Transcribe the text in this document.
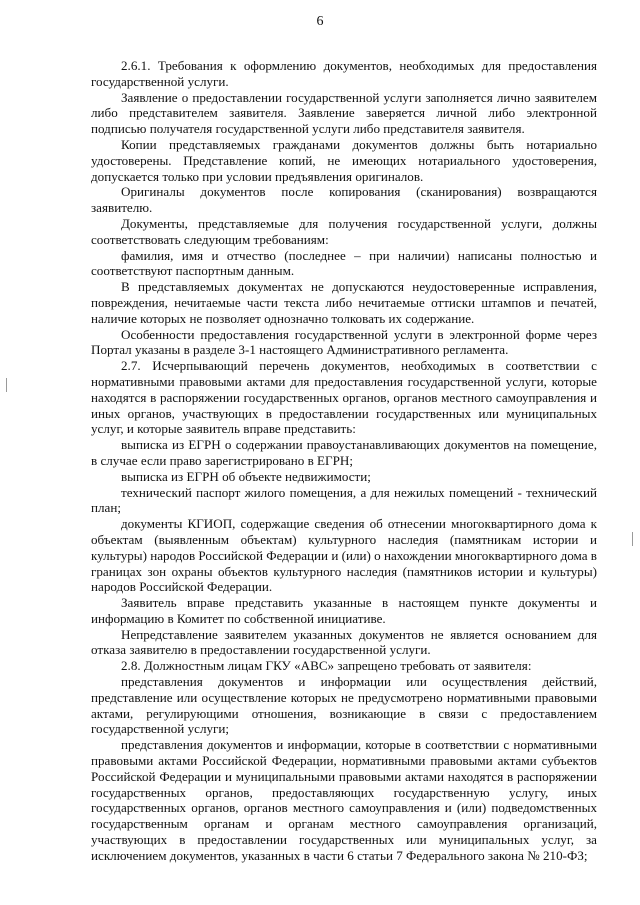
6

2.6.1. Требования к оформлению документов, необходимых для предоставления государственной услуги.

Заявление о предоставлении государственной услуги заполняется лично заявителем либо представителем заявителя. Заявление заверяется личной либо электронной подписью получателя государственной услуги либо представителя заявителя.

Копии представляемых гражданами документов должны быть нотариально удостоверены. Представление копий, не имеющих нотариального удостоверения, допускается только при условии предъявления оригиналов.

Оригиналы документов после копирования (сканирования) возвращаются заявителю.

Документы, представляемые для получения государственной услуги, должны соответствовать следующим требованиям:

фамилия, имя и отчество (последнее – при наличии) написаны полностью и соответствуют паспортным данным.

В представляемых документах не допускаются неудостоверенные исправления, повреждения, нечитаемые части текста либо нечитаемые оттиски штампов и печатей, наличие которых не позволяет однозначно толковать их содержание.

Особенности предоставления государственной услуги в электронной форме через Портал указаны в разделе 3-1 настоящего Административного регламента.

2.7. Исчерпывающий перечень документов, необходимых в соответствии с нормативными правовыми актами для предоставления государственной услуги, которые находятся в распоряжении государственных органов, органов местного самоуправления и иных органов, участвующих в предоставлении государственных или муниципальных услуг, и которые заявитель вправе представить:

выписка из ЕГРН о содержании правоустанавливающих документов на помещение, в случае если право зарегистрировано в ЕГРН;

выписка из ЕГРН об объекте недвижимости;

технический паспорт жилого помещения, а для нежилых помещений - технический план;

документы КГИОП, содержащие сведения об отнесении многоквартирного дома к объектам (выявленным объектам) культурного наследия (памятникам истории и культуры) народов Российской Федерации и (или) о нахождении многоквартирного дома в границах зон охраны объектов культурного наследия (памятников истории и культуры) народов Российской Федерации.

Заявитель вправе представить указанные в настоящем пункте документы и информацию в Комитет по собственной инициативе.

Непредставление заявителем указанных документов не является основанием для отказа заявителю в предоставлении государственной услуги.

2.8. Должностным лицам ГКУ «АВС» запрещено требовать от заявителя:

представления документов и информации или осуществления действий, представление или осуществление которых не предусмотрено нормативными правовыми актами, регулирующими отношения, возникающие в связи с предоставлением государственной услуги;

представления документов и информации, которые в соответствии с нормативными правовыми актами Российской Федерации, нормативными правовыми актами субъектов Российской Федерации и муниципальными правовыми актами находятся в распоряжении государственных органов, предоставляющих государственную услугу, иных государственных органов, органов местного самоуправления и (или) подведомственных государственным органам и органам местного самоуправления организаций, участвующих в предоставлении государственных или муниципальных услуг, за исключением документов, указанных в части 6 статьи 7 Федерального закона № 210-ФЗ;
